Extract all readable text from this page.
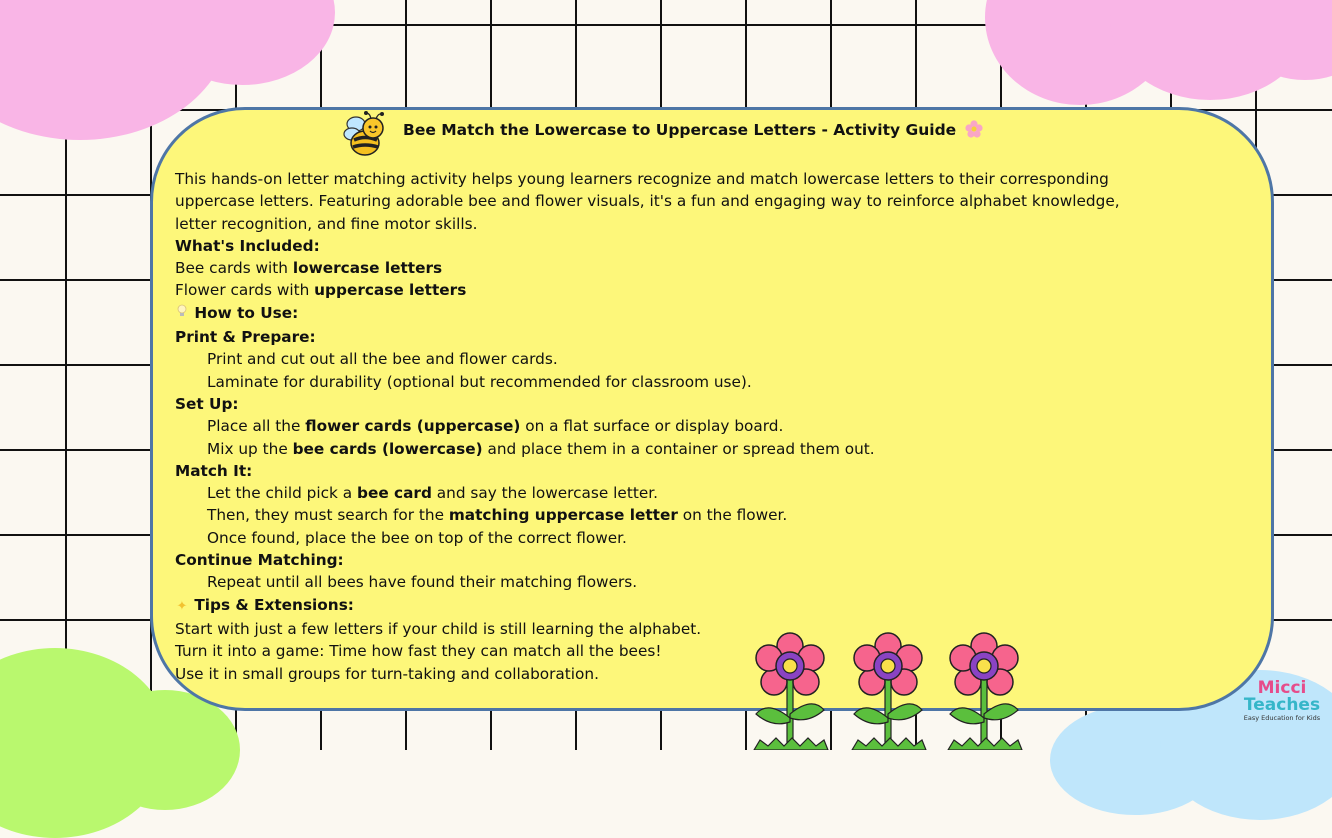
Bee Match the Lowercase to Uppercase Letters - Activity Guide

This hands-on letter matching activity helps young learners recognize and match lowercase letters to their corresponding

uppercase letters. Featuring adorable bee and flower visuals, it's a fun and engaging way to reinforce alphabet knowledge,

letter recognition, and fine motor skills.

What's Included:

Bee cards with lowercase letters

Flower cards with uppercase letters

How to Use:

Print & Prepare:

Print and cut out all the bee and flower cards.

Laminate for durability (optional but recommended for classroom use).

Set Up:

Place all the flower cards (uppercase) on a flat surface or display board.

Mix up the bee cards (lowercase) and place them in a container or spread them out.

Match It:

Let the child pick a bee card and say the lowercase letter.

Then, they must search for the matching uppercase letter on the flower.

Once found, place the bee on top of the correct flower.

Continue Matching:

Repeat until all bees have found their matching flowers.

✦ Tips & Extensions:

Start with just a few letters if your child is still learning the alphabet.

Turn it into a game: Time how fast they can match all the bees!

Use it in small groups for turn-taking and collaboration.

Micci
Teaches
Easy Education for Kids
